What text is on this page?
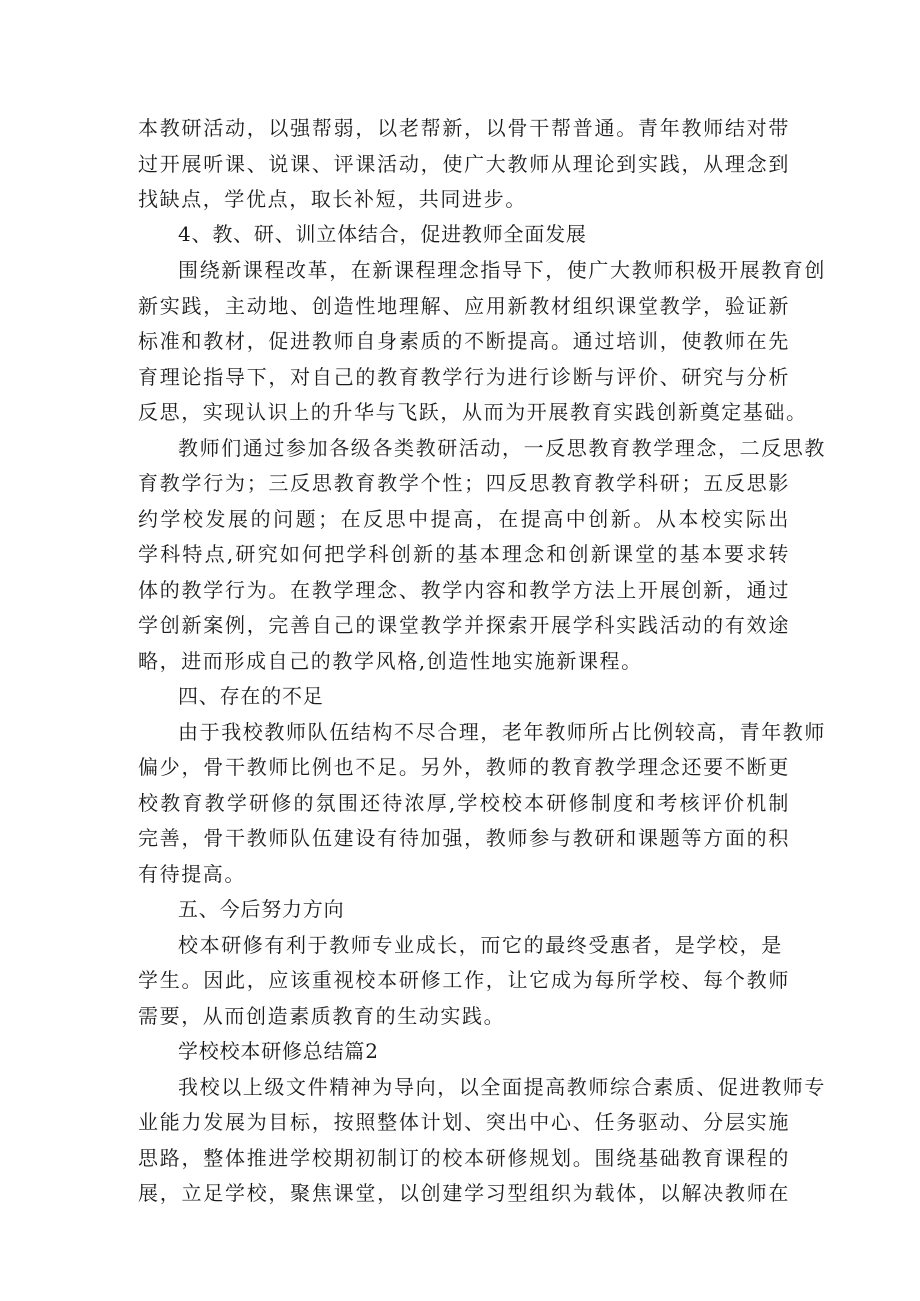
本教研活动，以强帮弱，以老帮新，以骨干帮普通。青年教师结对带
过开展听课、说课、评课活动，使广大教师从理论到实践，从理念到
找缺点，学优点，取长补短，共同进步。
4、教、研、训立体结合，促进教师全面发展
围绕新课程改革，在新课程理念指导下，使广大教师积极开展教育创
新实践，主动地、创造性地理解、应用新教材组织课堂教学，验证新
标准和教材，促进教师自身素质的不断提高。通过培训，使教师在先
育理论指导下，对自己的教育教学行为进行诊断与评价、研究与分析
反思，实现认识上的升华与飞跃，从而为开展教育实践创新奠定基础。
教师们通过参加各级各类教研活动，一反思教育教学理念，二反思教
育教学行为；三反思教育教学个性；四反思教育教学科研；五反思影
约学校发展的问题；在反思中提高，在提高中创新。从本校实际出
学科特点,研究如何把学科创新的基本理念和创新课堂的基本要求转
体的教学行为。在教学理念、教学内容和教学方法上开展创新，通过
学创新案例，完善自己的课堂教学并探索开展学科实践活动的有效途
略，进而形成自己的教学风格,创造性地实施新课程。
四、存在的不足
由于我校教师队伍结构不尽合理，老年教师所占比例较高，青年教师
偏少，骨干教师比例也不足。另外，教师的教育教学理念还要不断更
校教育教学研修的氛围还待浓厚,学校校本研修制度和考核评价机制
完善，骨干教师队伍建设有待加强，教师参与教研和课题等方面的积
有待提高。
五、今后努力方向
校本研修有利于教师专业成长，而它的最终受惠者，是学校，是
学生。因此，应该重视校本研修工作，让它成为每所学校、每个教师
需要，从而创造素质教育的生动实践。
学校校本研修总结篇2
我校以上级文件精神为导向，以全面提高教师综合素质、促进教师专
业能力发展为目标，按照整体计划、突出中心、任务驱动、分层实施
思路，整体推进学校期初制订的校本研修规划。围绕基础教育课程的
展，立足学校，聚焦课堂，以创建学习型组织为载体，以解决教师在
